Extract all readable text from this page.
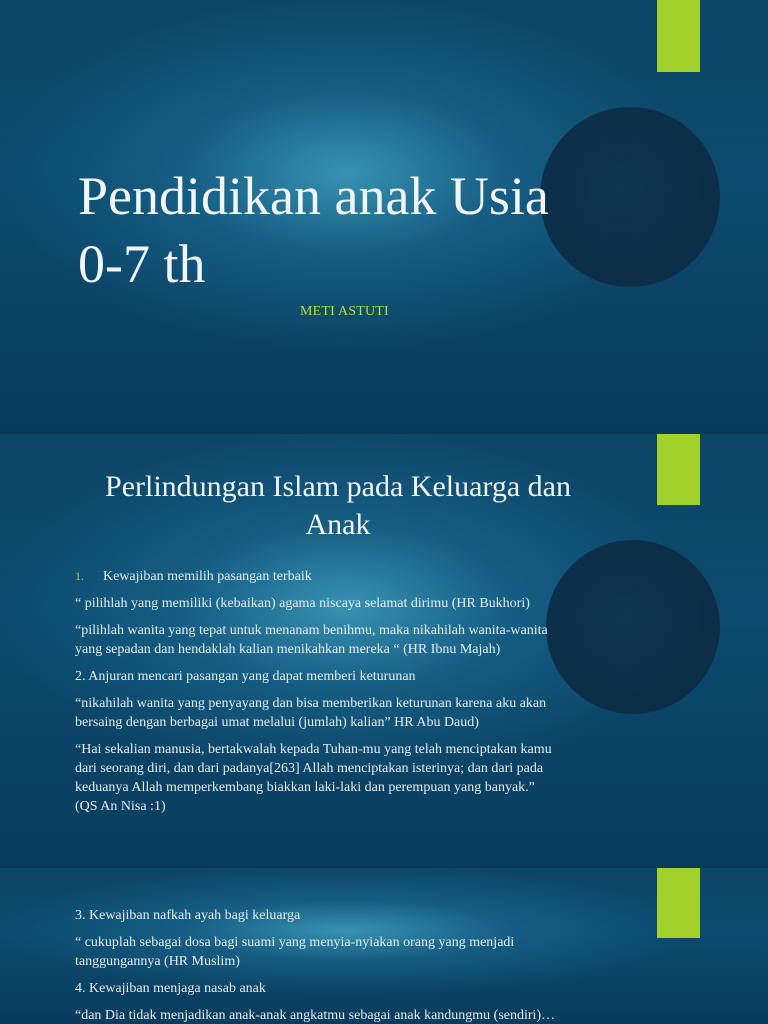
Pendidikan anak Usia
0-7 th
METI ASTUTI
Perlindungan Islam pada Keluarga dan
Anak

1.	Kewajiban memilih pasangan terbaik

“ pilihlah yang memiliki (kebaikan) agama niscaya selamat dirimu (HR Bukhori)

“pilihlah wanita yang tepat untuk menanam benihmu, maka nikahilah wanita-wanita
yang sepadan dan hendaklah kalian menikahkan mereka “ (HR Ibnu Majah)

2. Anjuran mencari pasangan yang dapat memberi keturunan

“nikahilah wanita yang penyayang dan bisa memberikan keturunan karena aku akan
bersaing dengan berbagai umat melalui (jumlah) kalian” HR Abu Daud)

“Hai sekalian manusia, bertakwalah kepada Tuhan-mu yang telah menciptakan kamu
dari seorang diri, dan dari padanya[263] Allah menciptakan isterinya; dan dari pada
keduanya Allah memperkembang biakkan laki-laki dan perempuan yang banyak.”
(QS An Nisa :1)

3. Kewajiban nafkah ayah bagi keluarga

“ cukuplah sebagai dosa bagi suami yang menyia-nyiakan orang yang menjadi
tanggungannya (HR Muslim)

4. Kewajiban menjaga nasab anak

“dan Dia tidak menjadikan anak-anak angkatmu sebagai anak kandungmu (sendiri)…
